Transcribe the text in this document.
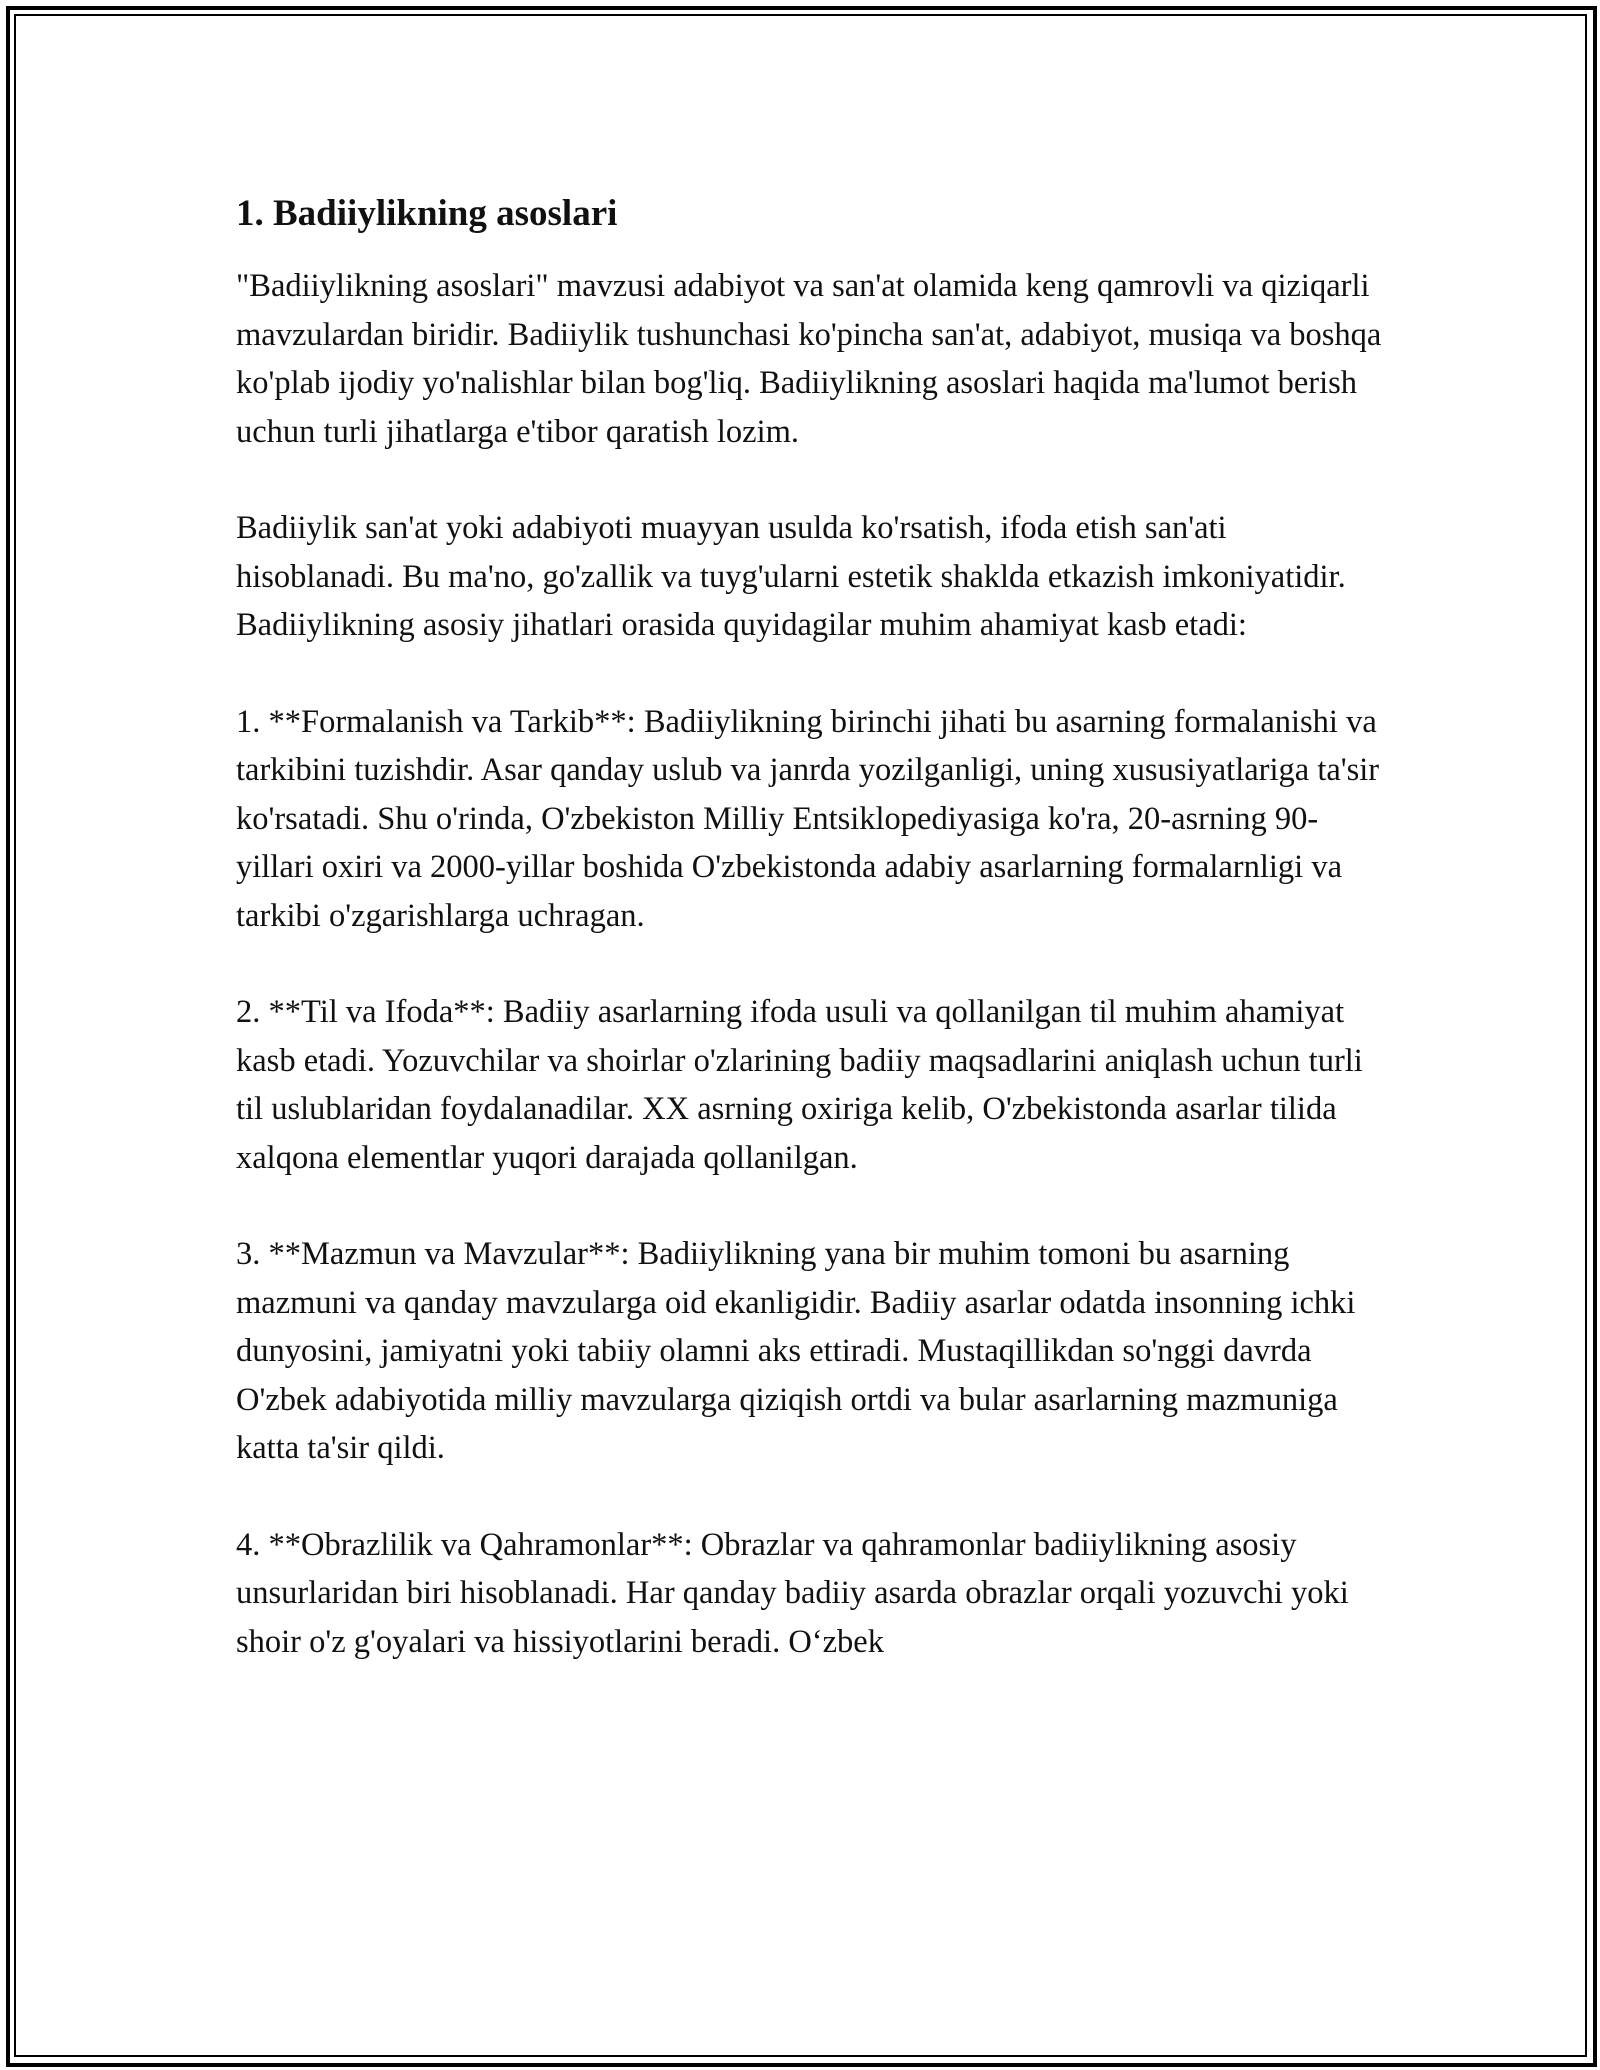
1. Badiiylikning asoslari

"Badiiylikning asoslari" mavzusi adabiyot va san'at olamida keng qamrovli va qiziqarli mavzulardan biridir. Badiiylik tushunchasi ko'pincha san'at, adabiyot, musiqa va boshqa ko'plab ijodiy yo'nalishlar bilan bog'liq. Badiiylikning asoslari haqida ma'lumot berish uchun turli jihatlarga e'tibor qaratish lozim.

Badiiylik san'at yoki adabiyoti muayyan usulda ko'rsatish, ifoda etish san'ati hisoblanadi. Bu ma'no, go'zallik va tuyg'ularni estetik shaklda etkazish imkoniyatidir. Badiiylikning asosiy jihatlari orasida quyidagilar muhim ahamiyat kasb etadi:

1. **Formalanish va Tarkib**: Badiiylikning birinchi jihati bu asarning formalanishi va tarkibini tuzishdir. Asar qanday uslub va janrda yozilganligi, uning xususiyatlariga ta'sir ko'rsatadi. Shu o'rinda, O'zbekiston Milliy Entsiklopediyasiga ko'ra, 20-asrning 90-yillari oxiri va 2000-yillar boshida O'zbekistonda adabiy asarlarning formalarnligi va tarkibi o'zgarishlarga uchragan.

2. **Til va Ifoda**: Badiiy asarlarning ifoda usuli va qollanilgan til muhim ahamiyat kasb etadi. Yozuvchilar va shoirlar o'zlarining badiiy maqsadlarini aniqlash uchun turli til uslublaridan foydalanadilar. XX asrning oxiriga kelib, O'zbekistonda asarlar tilida xalqona elementlar yuqori darajada qollanilgan.

3. **Mazmun va Mavzular**: Badiiylikning yana bir muhim tomoni bu asarning mazmuni va qanday mavzularga oid ekanligidir. Badiiy asarlar odatda insonning ichki dunyosini, jamiyatni yoki tabiiy olamni aks ettiradi. Mustaqillikdan so'nggi davrda O'zbek adabiyotida milliy mavzularga qiziqish ortdi va bular asarlarning mazmuniga katta ta'sir qildi.

4. **Obrazlilik va Qahramonlar**: Obrazlar va qahramonlar badiiylikning asosiy unsurlaridan biri hisoblanadi. Har qanday badiiy asarda obrazlar orqali yozuvchi yoki shoir o'z g'oyalari va hissiyotlarini beradi. O‘zbek
